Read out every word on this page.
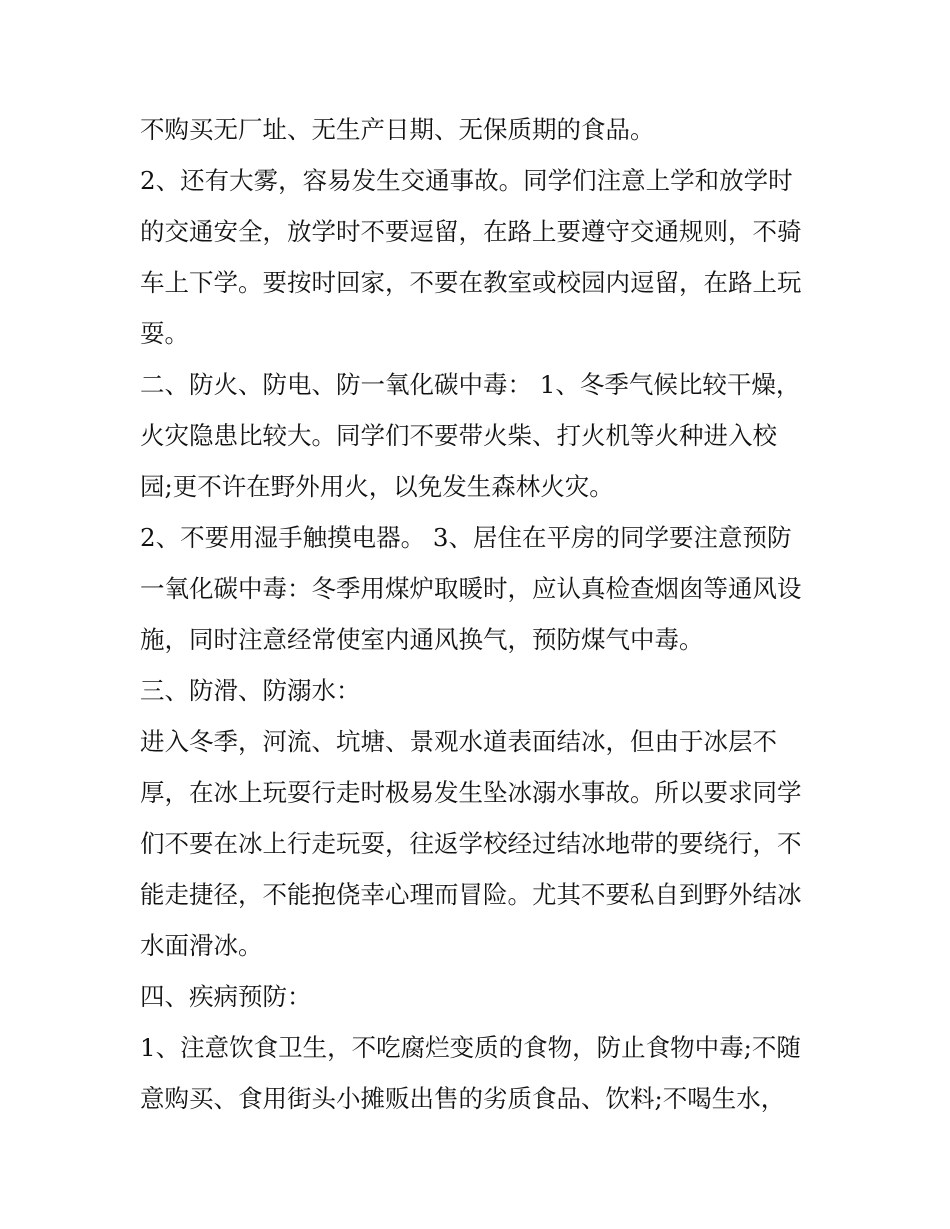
不购买无厂址、无生产日期、无保质期的食品。
2、还有大雾，容易发生交通事故。同学们注意上学和放学时
的交通安全，放学时不要逗留，在路上要遵守交通规则，不骑
车上下学。要按时回家，不要在教室或校园内逗留，在路上玩
耍。
二、防火、防电、防一氧化碳中毒： 1、冬季气候比较干燥，
火灾隐患比较大。同学们不要带火柴、打火机等火种进入校
园;更不许在野外用火，以免发生森林火灾。
2、不要用湿手触摸电器。 3、居住在平房的同学要注意预防
一氧化碳中毒：冬季用煤炉取暖时，应认真检查烟囱等通风设
施，同时注意经常使室内通风换气，预防煤气中毒。
三、防滑、防溺水：
进入冬季，河流、坑塘、景观水道表面结冰，但由于冰层不
厚，在冰上玩耍行走时极易发生坠冰溺水事故。所以要求同学
们不要在冰上行走玩耍，往返学校经过结冰地带的要绕行，不
能走捷径，不能抱侥幸心理而冒险。尤其不要私自到野外结冰
水面滑冰。
四、疾病预防：
1、注意饮食卫生，不吃腐烂变质的食物，防止食物中毒;不随
意购买、食用街头小摊贩出售的劣质食品、饮料;不喝生水，
